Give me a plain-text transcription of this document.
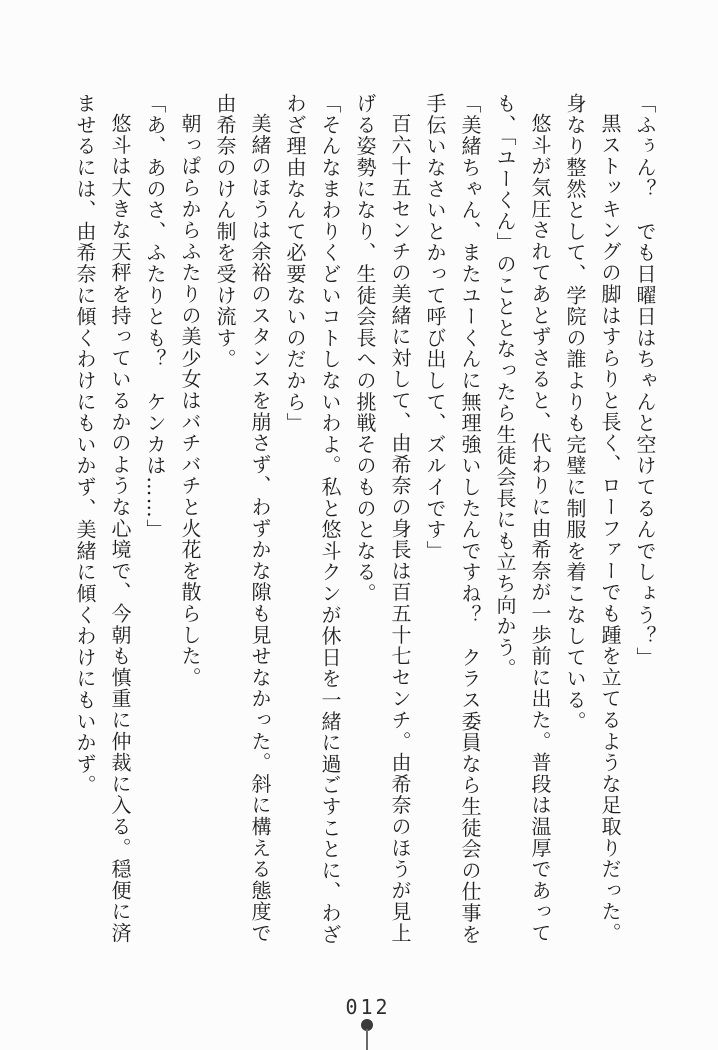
「ふぅん？　でも日曜日はちゃんと空けてるんでしょう？」

黒ストッキングの脚はすらりと長く、ローファーでも踵を立てるような足取りだった。身なり整然として、学院の誰よりも完璧に制服を着こなしている。

悠斗が気圧されてあとずさると、代わりに由希奈が一歩前に出た。普段は温厚であっても、「ユーくん」のこととなったら生徒会長にも立ち向かう。

「美緒ちゃん、またユーくんに無理強いしたんですね？　クラス委員なら生徒会の仕事を手伝いなさいとかって呼び出して、ズルイです」

百六十五センチの美緒に対して、由希奈の身長は百五十七センチ。由希奈のほうが見上げる姿勢になり、生徒会長への挑戦そのものとなる。

「そんなまわりくどいコトしないわよ。私と悠斗クンが休日を一緒に過ごすことに、わざわざ理由なんて必要ないのだから」

美緒のほうは余裕のスタンスを崩さず、わずかな隙も見せなかった。斜に構える態度で由希奈のけん制を受け流す。

朝っぱらからふたりの美少女はバチバチと火花を散らした。

「あ、あのさ、ふたりとも？　ケンカは……」

悠斗は大きな天秤を持っているかのような心境で、今朝も慎重に仲裁に入る。穏便に済ませるには、由希奈に傾くわけにもいかず、美緒に傾くわけにもいかず。

012
